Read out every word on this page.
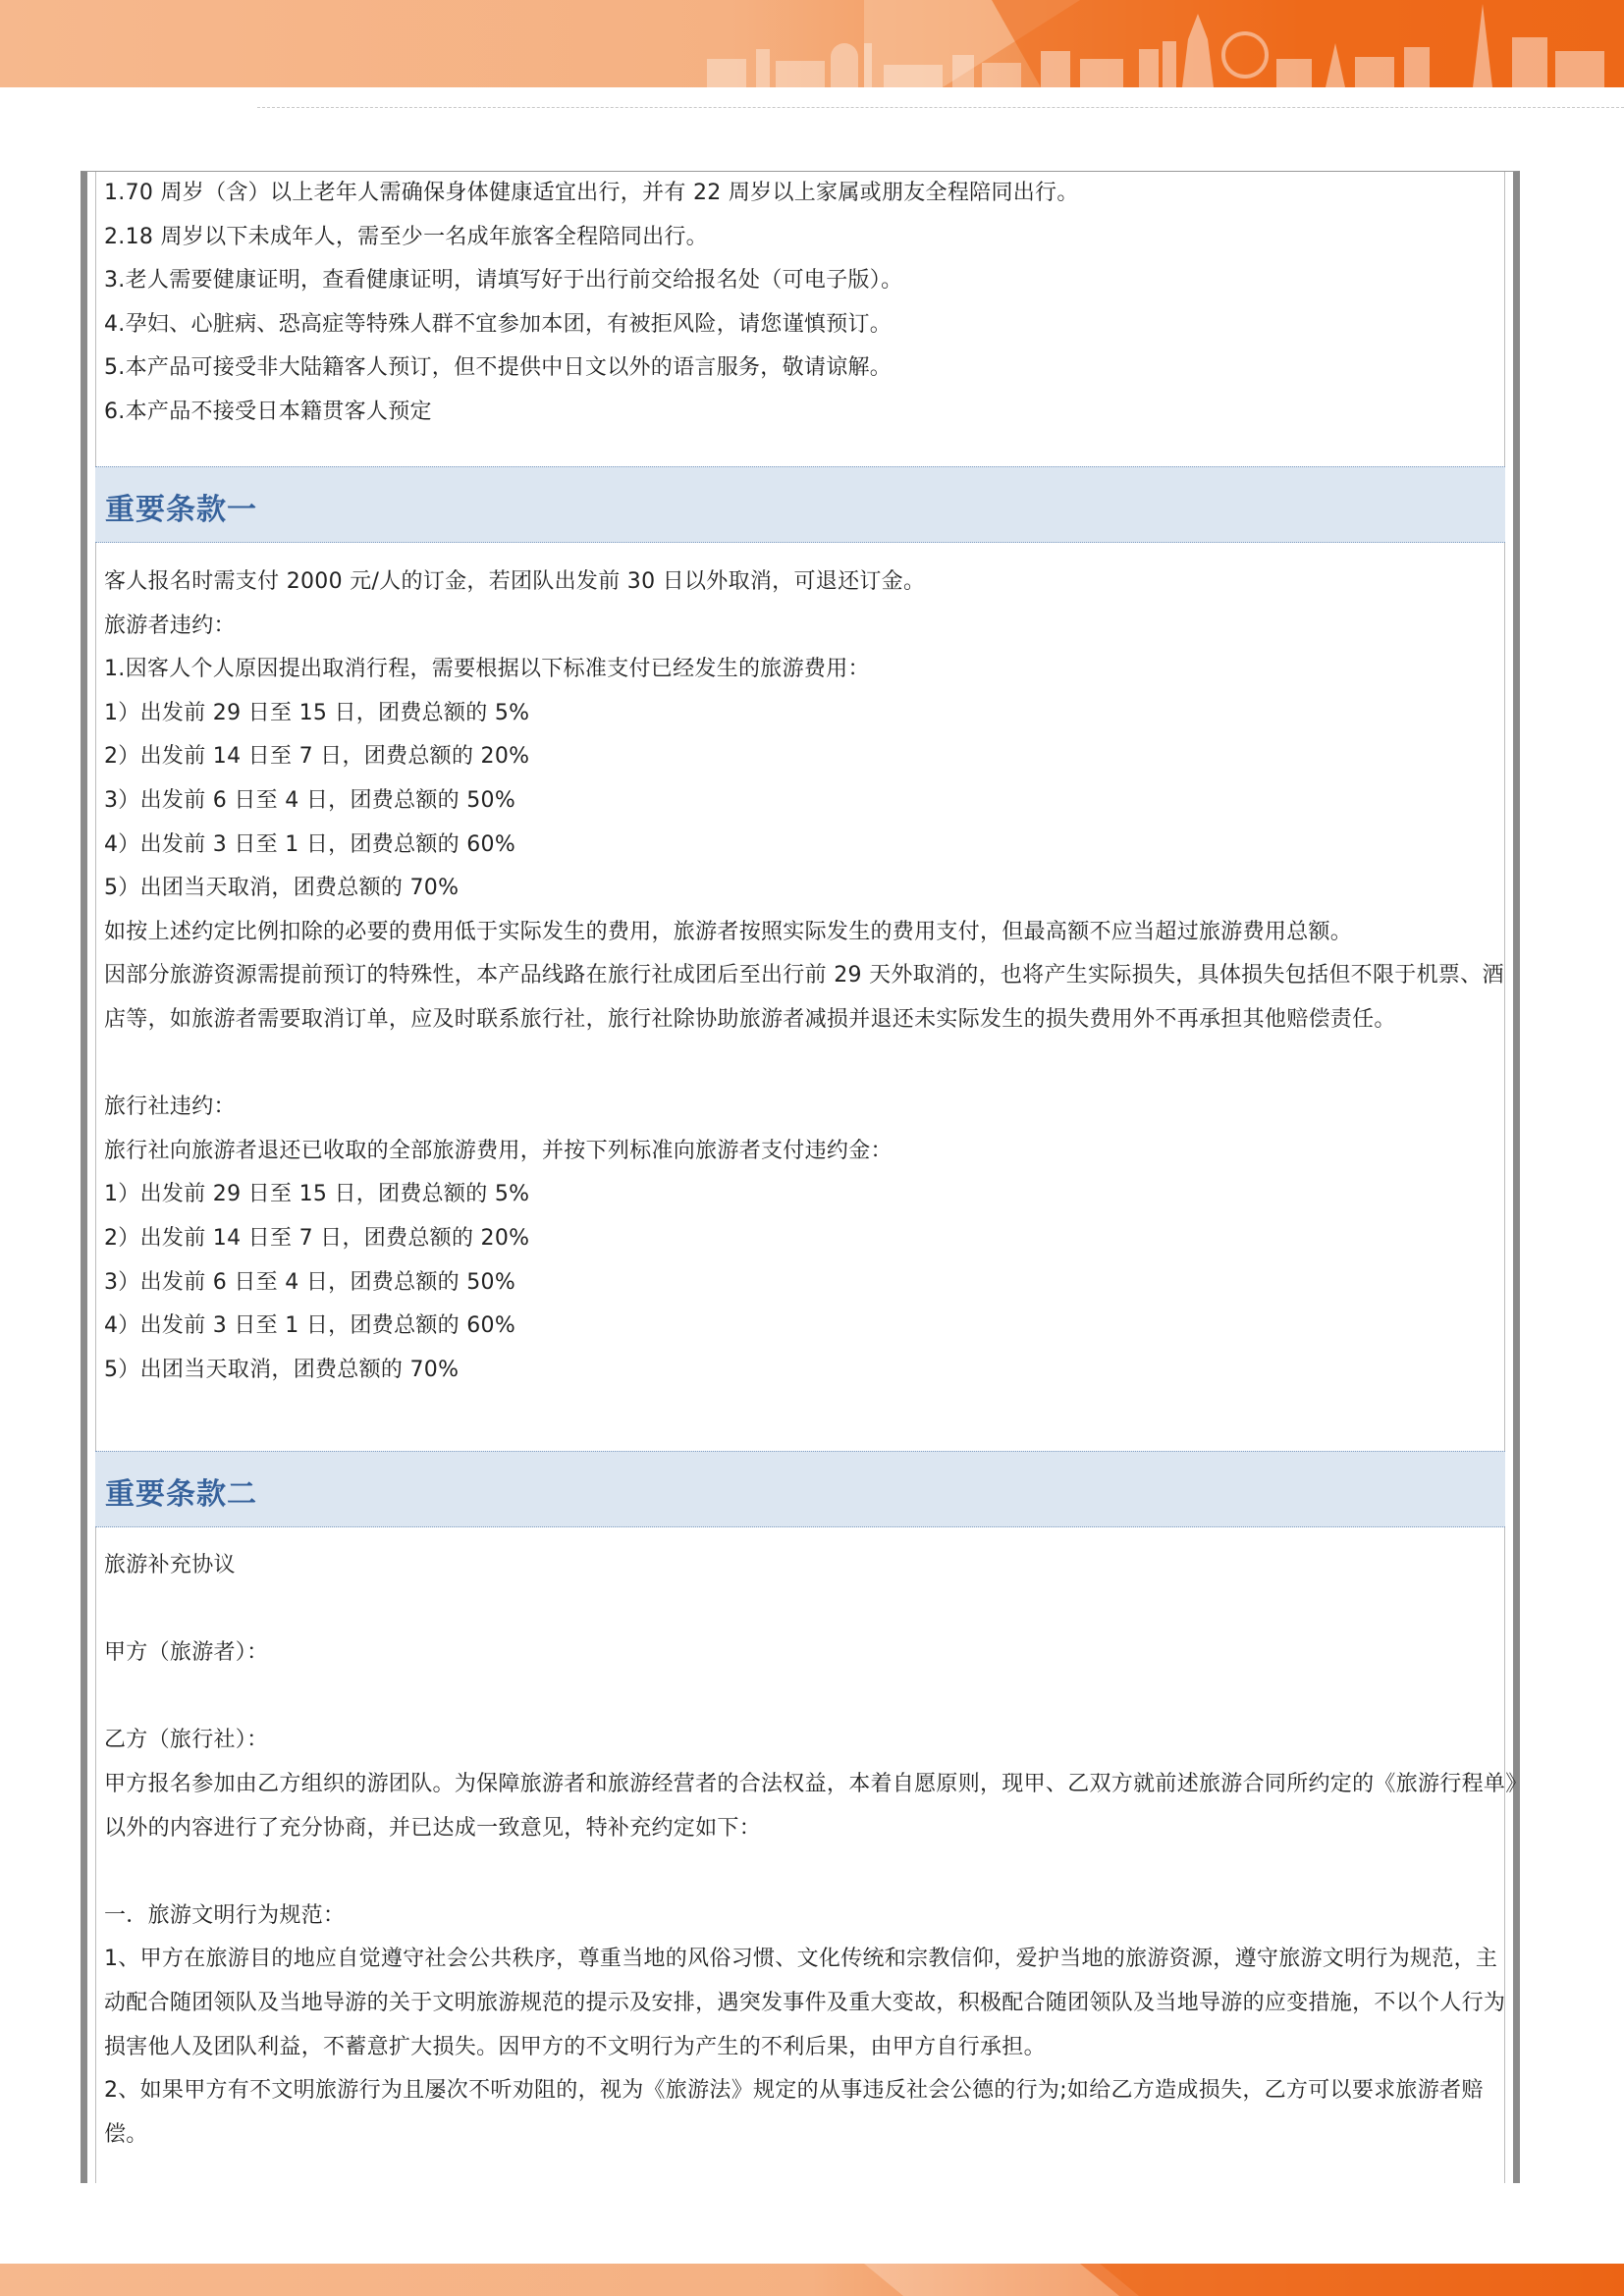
1.70 周岁（含）以上老年人需确保身体健康适宜出行，并有 22 周岁以上家属或朋友全程陪同出行。

2.18 周岁以下未成年人，需至少一名成年旅客全程陪同出行。

3.老人需要健康证明，查看健康证明，请填写好于出行前交给报名处（可电子版）。

4.孕妇、心脏病、恐高症等特殊人群不宜参加本团，有被拒风险，请您谨慎预订。

5.本产品可接受非大陆籍客人预订，但不提供中日文以外的语言服务，敬请谅解。

6.本产品不接受日本籍贯客人预定

重要条款一

客人报名时需支付 2000 元/人的订金，若团队出发前 30 日以外取消，可退还订金。

旅游者违约：

1.因客人个人原因提出取消行程，需要根据以下标准支付已经发生的旅游费用：

1）出发前 29 日至 15 日，团费总额的 5%

2）出发前 14 日至 7 日，团费总额的 20%

3）出发前 6 日至 4 日，团费总额的 50%

4）出发前 3 日至 1 日，团费总额的 60%

5）出团当天取消，团费总额的 70%

如按上述约定比例扣除的必要的费用低于实际发生的费用，旅游者按照实际发生的费用支付，但最高额不应当超过旅游费用总额。

因部分旅游资源需提前预订的特殊性，本产品线路在旅行社成团后至出行前 29 天外取消的，也将产生实际损失，具体损失包括但不限于机票、酒店等，如旅游者需要取消订单，应及时联系旅行社，旅行社除协助旅游者减损并退还未实际发生的损失费用外不再承担其他赔偿责任。

旅行社违约：

旅行社向旅游者退还已收取的全部旅游费用，并按下列标准向旅游者支付违约金：

1）出发前 29 日至 15 日，团费总额的 5%

2）出发前 14 日至 7 日，团费总额的 20%

3）出发前 6 日至 4 日，团费总额的 50%

4）出发前 3 日至 1 日，团费总额的 60%

5）出团当天取消，团费总额的 70%

重要条款二

旅游补充协议

甲方（旅游者）：

乙方（旅行社）：

甲方报名参加由乙方组织的游团队。为保障旅游者和旅游经营者的合法权益，本着自愿原则，现甲、乙双方就前述旅游合同所约定的《旅游行程单》以外的内容进行了充分协商，并已达成一致意见，特补充约定如下：

一．旅游文明行为规范：

1、甲方在旅游目的地应自觉遵守社会公共秩序，尊重当地的风俗习惯、文化传统和宗教信仰，爱护当地的旅游资源，遵守旅游文明行为规范，主动配合随团领队及当地导游的关于文明旅游规范的提示及安排，遇突发事件及重大变故，积极配合随团领队及当地导游的应变措施，不以个人行为损害他人及团队利益，不蓄意扩大损失。因甲方的不文明行为产生的不利后果，由甲方自行承担。

2、如果甲方有不文明旅游行为且屡次不听劝阻的，视为《旅游法》规定的从事违反社会公德的行为;如给乙方造成损失，乙方可以要求旅游者赔偿。
